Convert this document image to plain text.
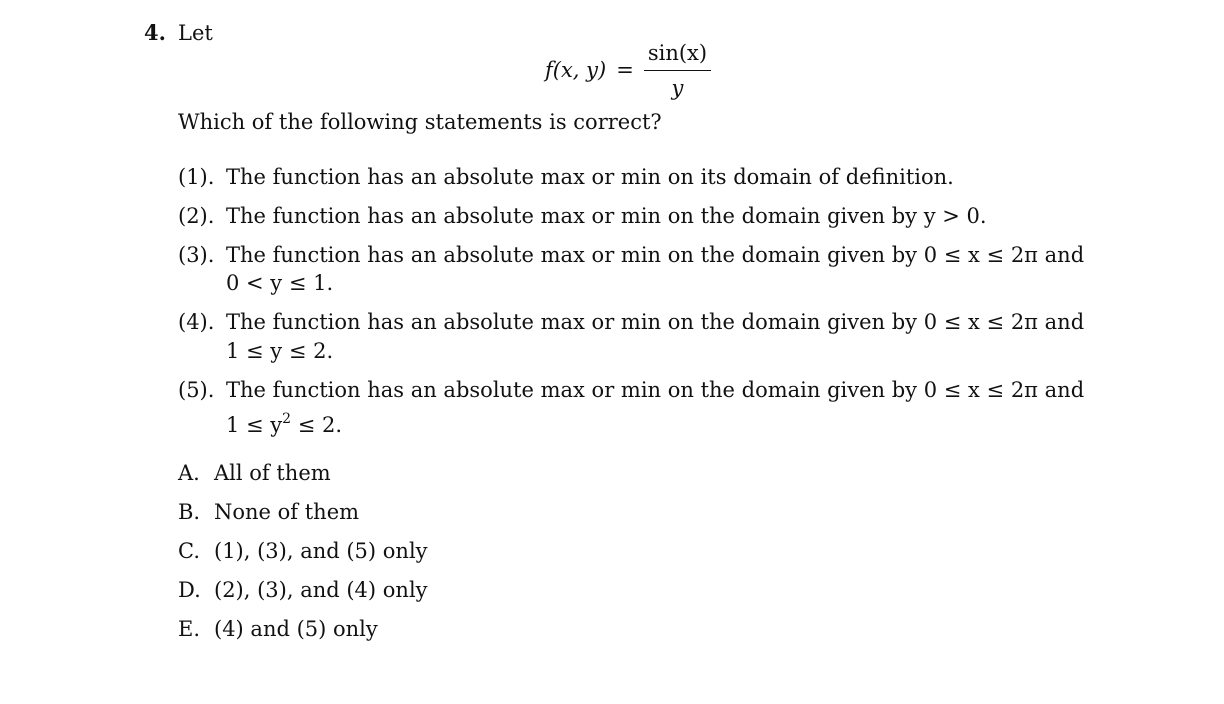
4. Let
f(x, $y) = \frac{\sin(x)}{y}$
Which of the following statements is correct?
(1). The function has an absolute max or min on its domain of definition.
(2). The function has an absolute max or min on the domain given by y > 0.
(3). The function has an absolute max or min on the domain given by 0 ≤ x ≤ 2π and
0 < y ≤ 1.
(4). The function has an absolute max or min on the domain given by 0 ≤ x ≤ 2π and
1 ≤ y ≤ 2.
(5). The function has an absolute max or min on the domain given by 0 ≤ x ≤ 2π and
$1 \le y^2 \le 2$.
A. All of them
B. None of them
C. (1), (3), and (5) only
D. (2), (3), and (4) only
E. (4) and (5) only
